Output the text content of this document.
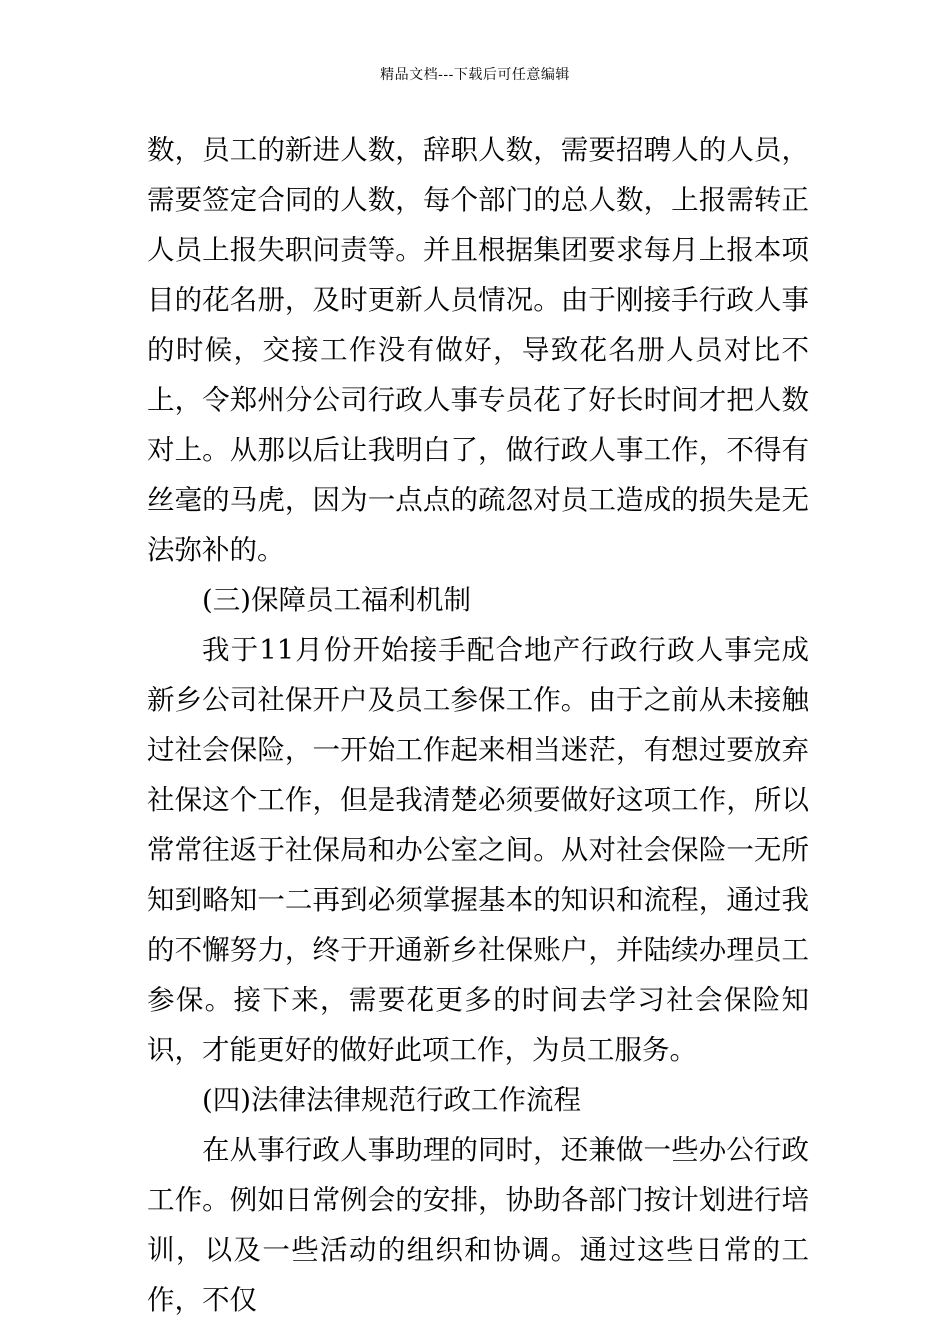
精品文档---下载后可任意编辑

数，员工的新进人数，辞职人数，需要招聘人的人员，需要签定合同的人数，每个部门的总人数，上报需转正人员上报失职问责等。并且根据集团要求每月上报本项目的花名册，及时更新人员情况。由于刚接手行政人事的时候，交接工作没有做好，导致花名册人员对比不上，令郑州分公司行政人事专员花了好长时间才把人数对上。从那以后让我明白了，做行政人事工作，不得有丝毫的马虎，因为一点点的疏忽对员工造成的损失是无法弥补的。

(三)保障员工福利机制

我于11月份开始接手配合地产行政行政人事完成新乡公司社保开户及员工参保工作。由于之前从未接触过社会保险，一开始工作起来相当迷茫，有想过要放弃社保这个工作，但是我清楚必须要做好这项工作，所以常常往返于社保局和办公室之间。从对社会保险一无所知到略知一二再到必须掌握基本的知识和流程，通过我的不懈努力，终于开通新乡社保账户，并陆续办理员工参保。接下来，需要花更多的时间去学习社会保险知识，才能更好的做好此项工作，为员工服务。

(四)法律法律规范行政工作流程

在从事行政人事助理的同时，还兼做一些办公行政工作。例如日常例会的安排，协助各部门按计划进行培训，以及一些活动的组织和协调。通过这些日常的工作，不仅
